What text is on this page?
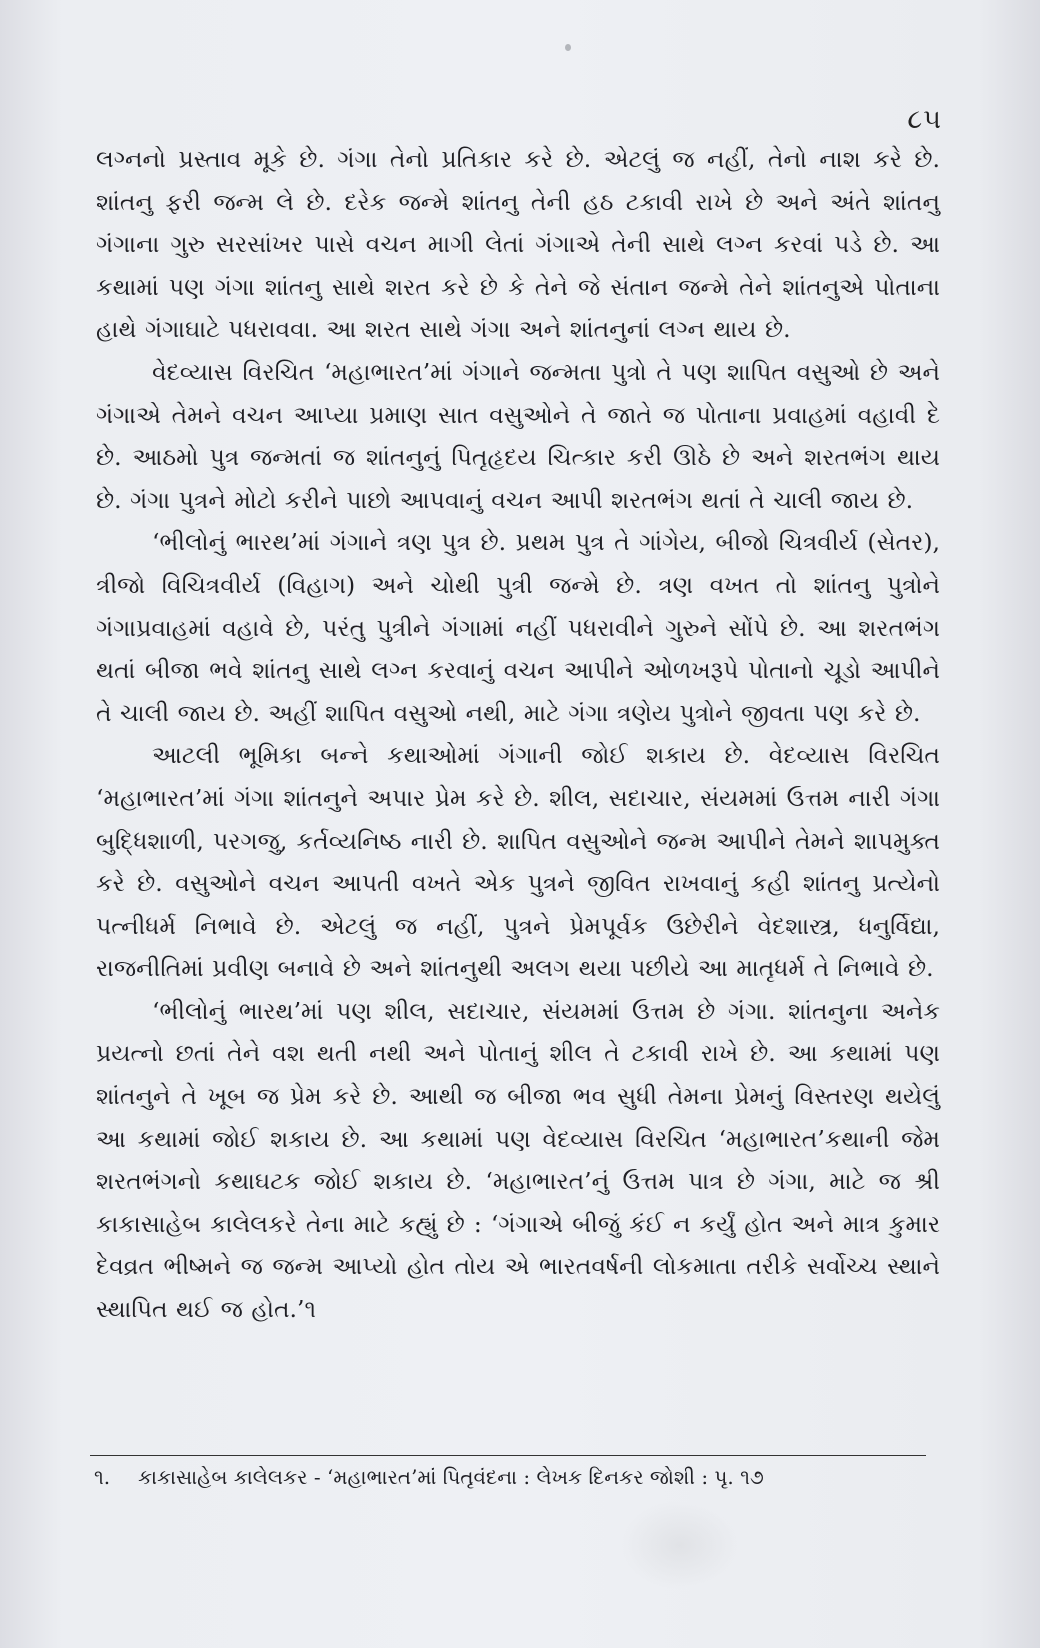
૮૫

લગ્નનો પ્રસ્તાવ મૂકે છે. ગંગા તેનો પ્રતિકાર કરે છે. એટલું જ નહીં, તેનો નાશ કરે છે. શાંતનુ ફરી જન્મ લે છે. દરેક જન્મે શાંતનુ તેની હઠ ટકાવી રાખે છે અને અંતે શાંતનુ ગંગાના ગુરુ સરસાંખર પાસે વચન માગી લેતાં ગંગાએ તેની સાથે લગ્ન કરવાં પડે છે. આ કથામાં પણ ગંગા શાંતનુ સાથે શરત કરે છે કે તેને જે સંતાન જન્મે તેને શાંતનુએ પોતાના હાથે ગંગાઘાટે પધરાવવા. આ શરત સાથે ગંગા અને શાંતનુનાં લગ્ન થાય છે.

વેદવ્યાસ વિરચિત ‘મહાભારત’માં ગંગાને જન્મતા પુત્રો તે પણ શાપિત વસુઓ છે અને ગંગાએ તેમને વચન આપ્યા પ્રમાણ સાત વસુઓને તે જાતે જ પોતાના પ્રવાહમાં વહાવી દે છે. આઠમો પુત્ર જન્મતાં જ શાંતનુનું પિતૃહૃદય ચિત્કાર કરી ઊઠે છે અને શરતભંગ થાય છે. ગંગા પુત્રને મોટો કરીને પાછો આપવાનું વચન આપી શરતભંગ થતાં તે ચાલી જાય છે.

‘ભીલોનું ભારથ’માં ગંગાને ત્રણ પુત્ર છે. પ્રથમ પુત્ર તે ગાંગેય, બીજો ચિત્રવીર્ય (સેતર), ત્રીજો વિચિત્રવીર્ય (વિહાગ) અને ચોથી પુત્રી જન્મે છે. ત્રણ વખત તો શાંતનુ પુત્રોને ગંગાપ્રવાહમાં વહાવે છે, પરંતુ પુત્રીને ગંગામાં નહીં પધરાવીને ગુરુને સોંપે છે. આ શરતભંગ થતાં બીજા ભવે શાંતનુ સાથે લગ્ન કરવાનું વચન આપીને ઓળખરૂપે પોતાનો ચૂડો આપીને તે ચાલી જાય છે. અહીં શાપિત વસુઓ નથી, માટે ગંગા ત્રણેય પુત્રોને જીવતા પણ કરે છે.

આટલી ભૂમિકા બન્ને કથાઓમાં ગંગાની જોઈ શકાય છે. વેદવ્યાસ વિરચિત ‘મહાભારત’માં ગંગા શાંતનુને અપાર પ્રેમ કરે છે. શીલ, સદાચાર, સંયમમાં ઉત્તમ નારી ગંગા બુદ્ધિશાળી, પરગજુ, કર્તવ્યનિષ્ઠ નારી છે. શાપિત વસુઓને જન્મ આપીને તેમને શાપમુક્ત કરે છે. વસુઓને વચન આપતી વખતે એક પુત્રને જીવિત રાખવાનું કહી શાંતનુ પ્રત્યેનો પત્નીધર્મ નિભાવે છે. એટલું જ નહીં, પુત્રને પ્રેમપૂર્વક ઉછેરીને વેદશાસ્ત્ર, ધનુર્વિદ્યા, રાજનીતિમાં પ્રવીણ બનાવે છે અને શાંતનુથી અલગ થયા પછીયે આ માતૃધર્મ તે નિભાવે છે.

‘ભીલોનું ભારથ’માં પણ શીલ, સદાચાર, સંયમમાં ઉત્તમ છે ગંગા. શાંતનુના અનેક પ્રયત્નો છતાં તેને વશ થતી નથી અને પોતાનું શીલ તે ટકાવી રાખે છે. આ કથામાં પણ શાંતનુને તે ખૂબ જ પ્રેમ કરે છે. આથી જ બીજા ભવ સુધી તેમના પ્રેમનું વિસ્તરણ થયેલું આ કથામાં જોઈ શકાય છે. આ કથામાં પણ વેદવ્યાસ વિરચિત ‘મહાભારત’કથાની જેમ શરતભંગનો કથાઘટક જોઈ શકાય છે. ‘મહાભારત’નું ઉત્તમ પાત્ર છે ગંગા, માટે જ શ્રી કાકાસાહેબ કાલેલકરે તેના માટે કહ્યું છે : ‘ગંગાએ બીજું કંઈ ન કર્યું હોત અને માત્ર કુમાર દેવવ્રત ભીષ્મને જ જન્મ આપ્યો હોત તોય એ ભારતવર્ષની લોકમાતા તરીકે સર્વોચ્ચ સ્થાને સ્થાપિત થઈ જ હોત.’૧

૧. કાકાસાહેબ કાલેલકર - ‘મહાભારત’માં પિતૃવંદના : લેખક દિનકર જોશી : પૃ. ૧૭
